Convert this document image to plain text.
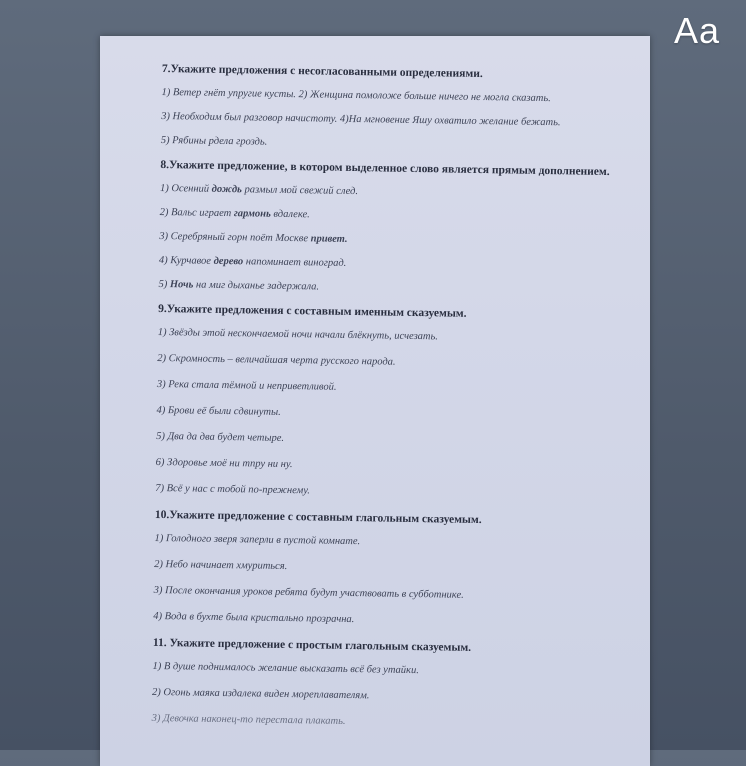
Aa
7.Укажите предложения с несогласованными определениями.
1) Ветер гнёт упругие кусты. 2) Женщина помоложе больше ничего не могла сказать.
3) Необходим был разговор начистоту. 4)На мгновение Яшу охватило желание бежать.
5) Рябины рдела гроздь.
8.Укажите предложение, в котором выделенное слово является прямым дополнением.
1) Осенний дождь размыл мой свежий след.
2) Вальс играет гармонь вдалеке.
3) Серебряный горн поёт Москве привет.
4) Курчавое дерево напоминает виноград.
5) Ночь на миг дыханье задержала.
9.Укажите предложения с составным именным сказуемым.
1) Звёзды этой нескончаемой ночи начали блёкнуть, исчезать.
2) Скромность – величайшая черта русского народа.
3) Река стала тёмной и неприветливой.
4) Брови её были сдвинуты.
5) Два да два будет четыре.
6) Здоровье моё ни тпру ни ну.
7) Всё у нас с тобой по-прежнему.
10.Укажите предложение с составным глагольным сказуемым.
1) Голодного зверя заперли в пустой комнате.
2) Небо начинает хмуриться.
3) После окончания уроков ребята будут участвовать в субботнике.
4) Вода в бухте была кристально прозрачна.
11. Укажите предложение с простым глагольным сказуемым.
1) В душе поднималось желание высказать всё без утайки.
2) Огонь маяка издалека виден мореплавателям.
3) Девочка наконец-то перестала плакать.
